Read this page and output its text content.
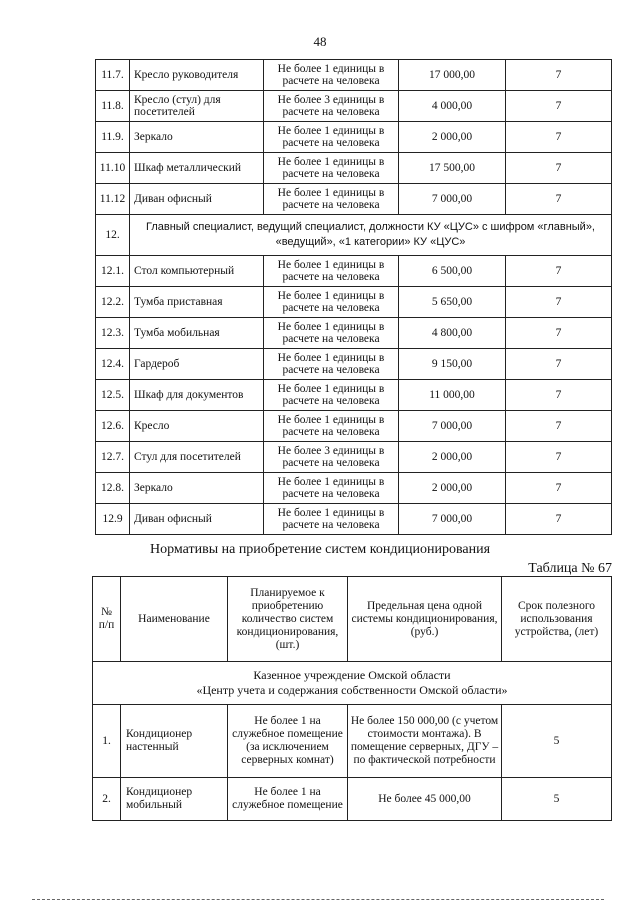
48
11.7.	Кресло руководителя	Не более 1 единицы в расчете на человека	17 000,00	7
11.8.	Кресло (стул) для посетителей	Не более 3 единицы в расчете на человека	4 000,00	7
11.9.	Зеркало	Не более 1 единицы в расчете на человека	2 000,00	7
11.10	Шкаф металлический	Не более 1 единицы в расчете на человека	17 500,00	7
11.12	Диван офисный	Не более 1 единицы в расчете на человека	7 000,00	7
12.	Главный специалист, ведущий специалист, должности КУ «ЦУС» с шифром «главный», «ведущий», «1 категории» КУ «ЦУС»			
12.1.	Стол компьютерный	Не более 1 единицы в расчете на человека	6 500,00	7
12.2.	Тумба приставная	Не более 1 единицы в расчете на человека	5 650,00	7
12.3.	Тумба мобильная	Не более 1 единицы в расчете на человека	4 800,00	7
12.4.	Гардероб	Не более 1 единицы в расчете на человека	9 150,00	7
12.5.	Шкаф для документов	Не более 1 единицы в расчете на человека	11 000,00	7
12.6.	Кресло	Не более 1 единицы в расчете на человека	7 000,00	7
12.7.	Стул для посетителей	Не более 3 единицы в расчете на человека	2 000,00	7
12.8.	Зеркало	Не более 1 единицы в расчете на человека	2 000,00	7
12.9	Диван офисный	Не более 1 единицы в расчете на человека	7 000,00	7
Нормативы на приобретение систем кондиционирования
Таблица № 67
№ п/п	Наименование	Планируемое к приобретению количество систем кондиционирования, (шт.)	Предельная цена одной системы кондиционирования, (руб.)	Срок полезного использования устройства, (лет)

Казенное учреждение Омской области
«Центр учета и содержания собственности Омской области»				

1.	Кондиционер настенный	Не более 1 на служебное помещение (за исключением серверных комнат)	Не более 150 000,00 (с учетом стоимости монтажа). В помещение серверных, ДГУ – по фактической потребности	5
2.	Кондиционер мобильный	Не более 1 на служебное помещение	Не более 45 000,00	5
